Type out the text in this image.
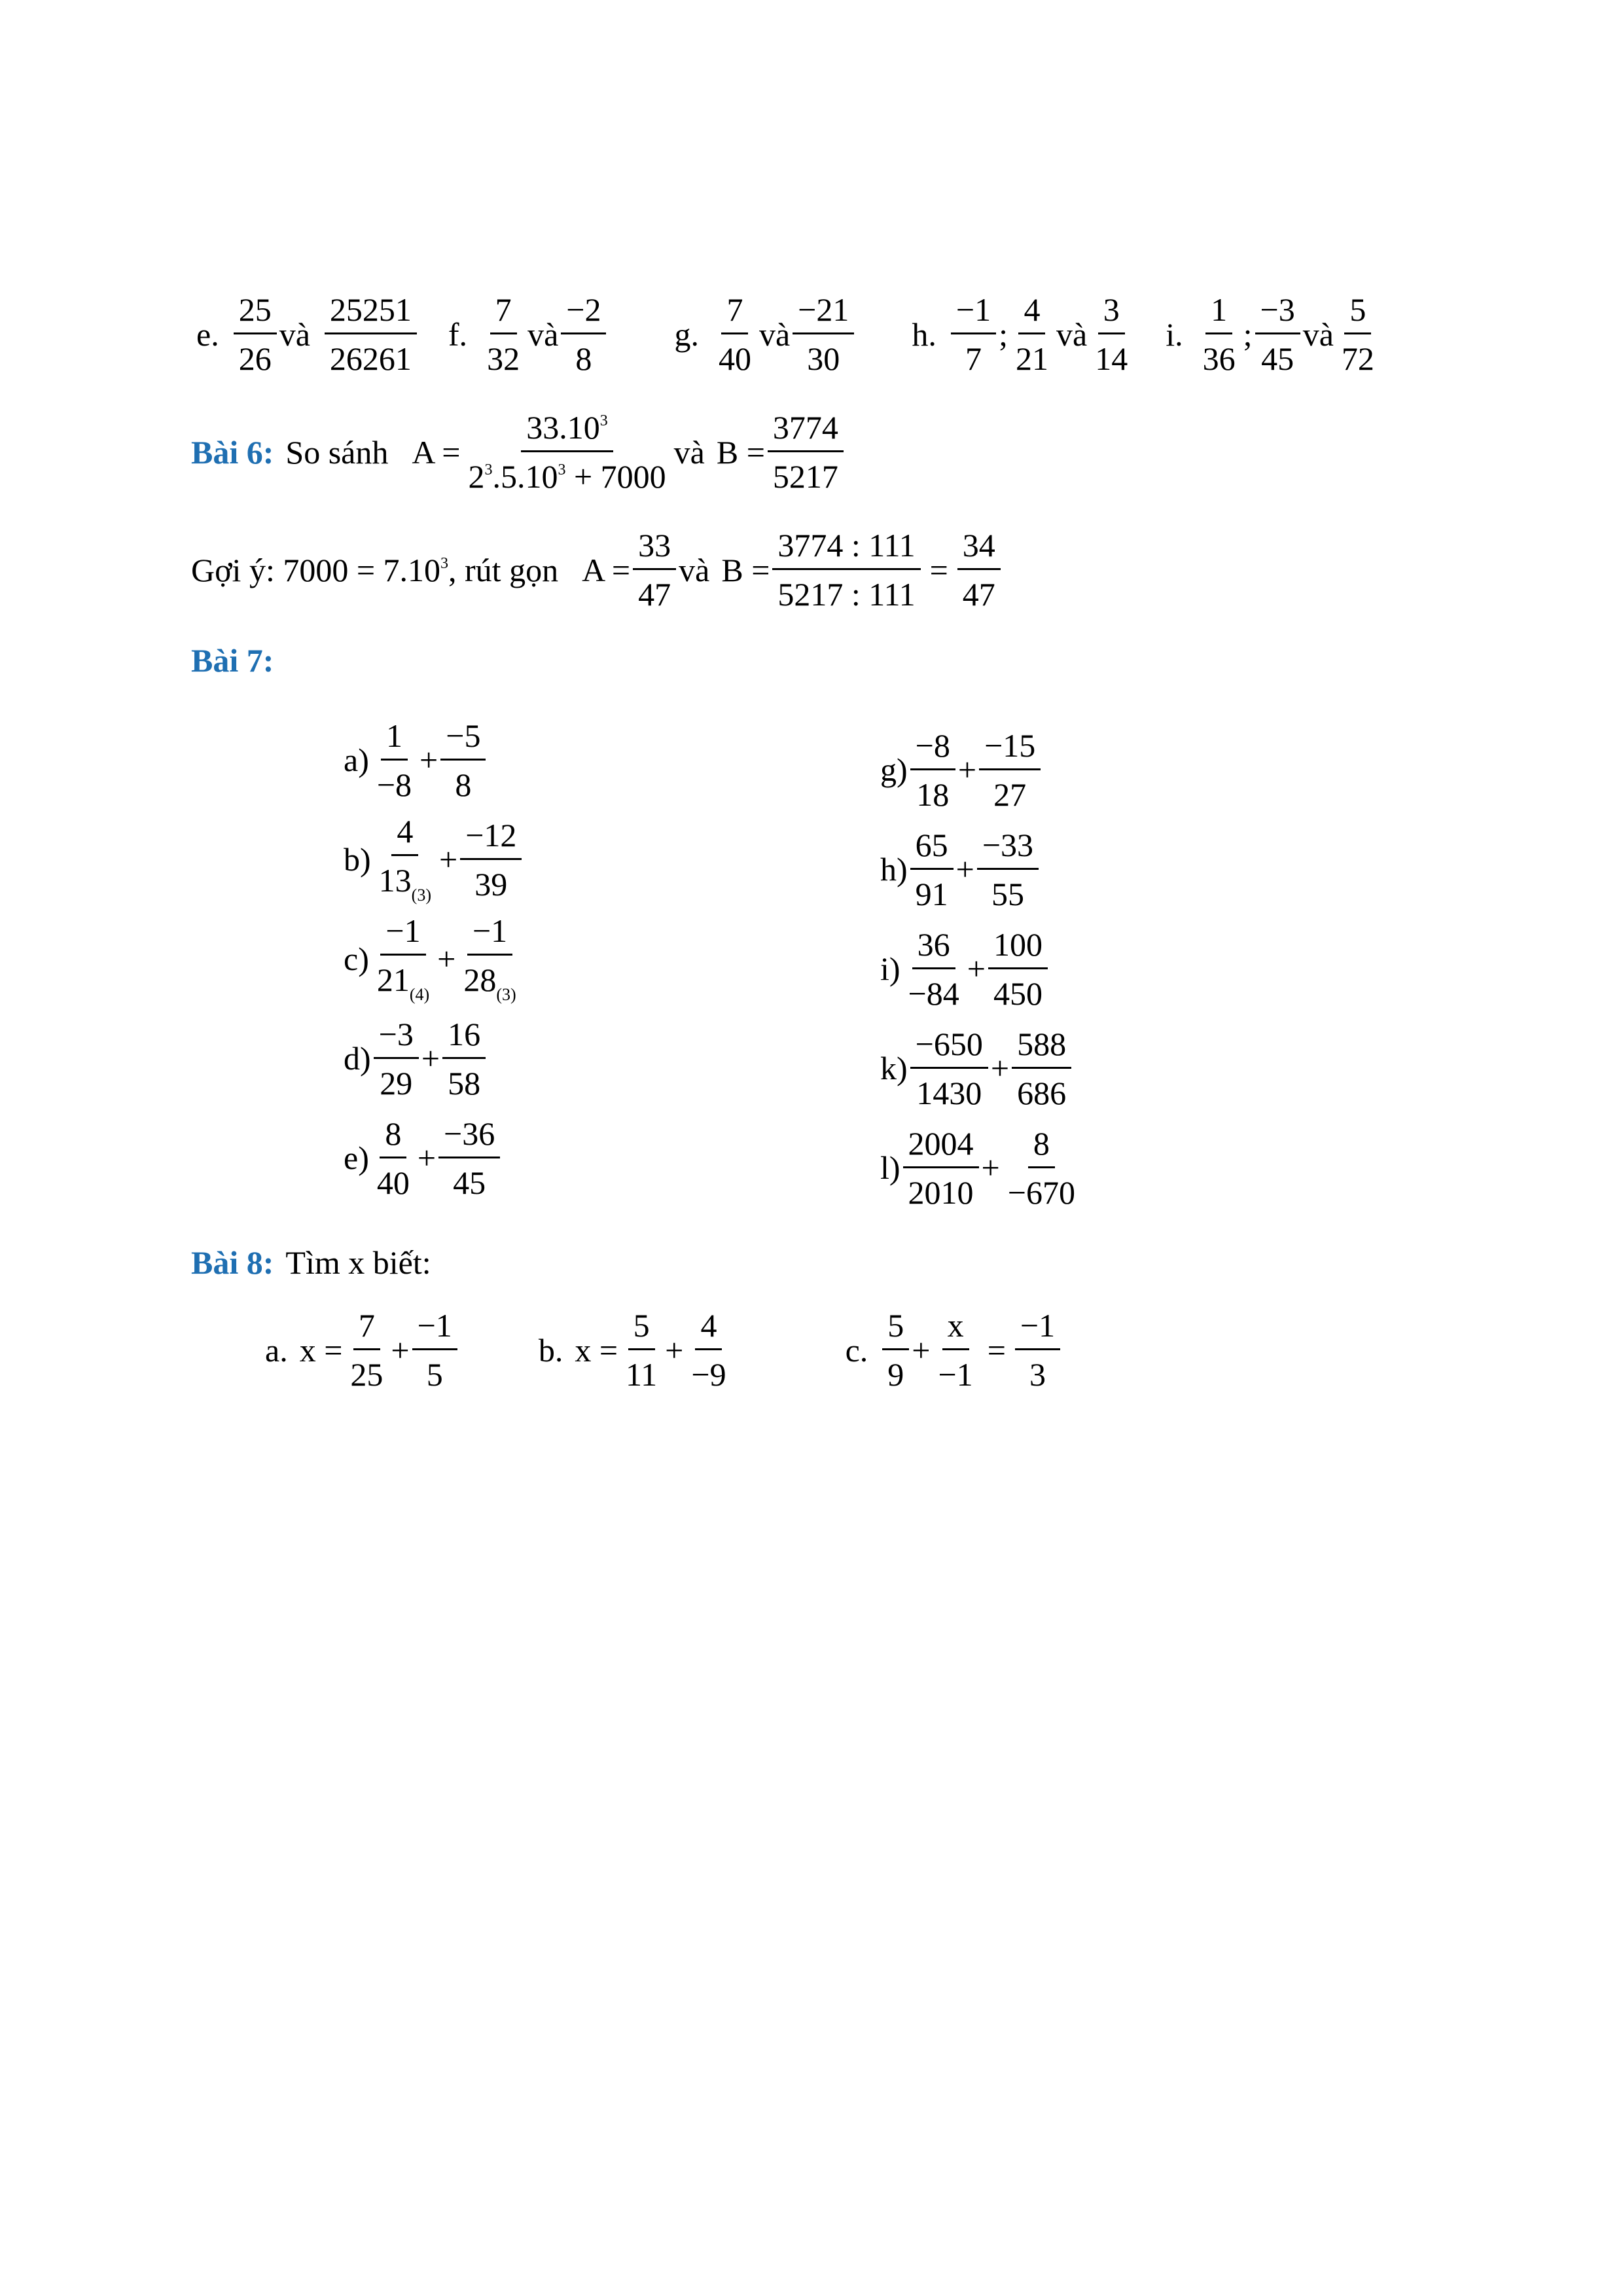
e. $\frac{25}{26}$ và $\frac{25251}{26261} f$. $\frac{7}{32}$ và $\frac{-2}{8} g$. $\frac{7}{40}$ và $\frac{-21}{30} h$. $\frac{-1}{7}$ ; $\frac{4}{21}$ và $\frac{3}{14} i$. $\frac{1}{36}$ ; $\frac{-3}{45}$ và $\frac{5}{72}$
Bài 6: So sánh $A = \frac{33.10^3}{2^3.5.10^3 + 7000}$ và $B = \frac{3774}{5217}$
Gợi ý: $7000 = 7.10^3$ , rút gọn $A = \frac{33}{47}$ và $B = \frac{3774 : 111}{5217 : 111} = \frac{34}{47}$
Bài 7:
$a) \frac{1}{-8} + \frac{-5}{8}$
$b) \frac{4}{13_{(3)}} + \frac{-12}{39}$
$c) \frac{-1}{21_{(4)}} + \frac{-1}{28_{(3)}}$
$d) \frac{-3}{29} + \frac{16}{58}$
$e) \frac{8}{40} + \frac{-36}{45}$
$g) \frac{-8}{18} + \frac{-15}{27}$
$h) \frac{65}{91} + \frac{-33}{55}$
$i) \frac{36}{-84} + \frac{100}{450}$
$k) \frac{-650}{1430} + \frac{588}{686}$
$l) \frac{2004}{2010} + \frac{8}{-670}$
Bài 8: Tìm x biết:
a. $x = \frac{7}{25} + \frac{-1}{5} b$. $x = \frac{5}{11} + \frac{4}{-9}$	c. $\frac{5}{9} + \frac{x}{-1} = \frac{-1}{3}$
